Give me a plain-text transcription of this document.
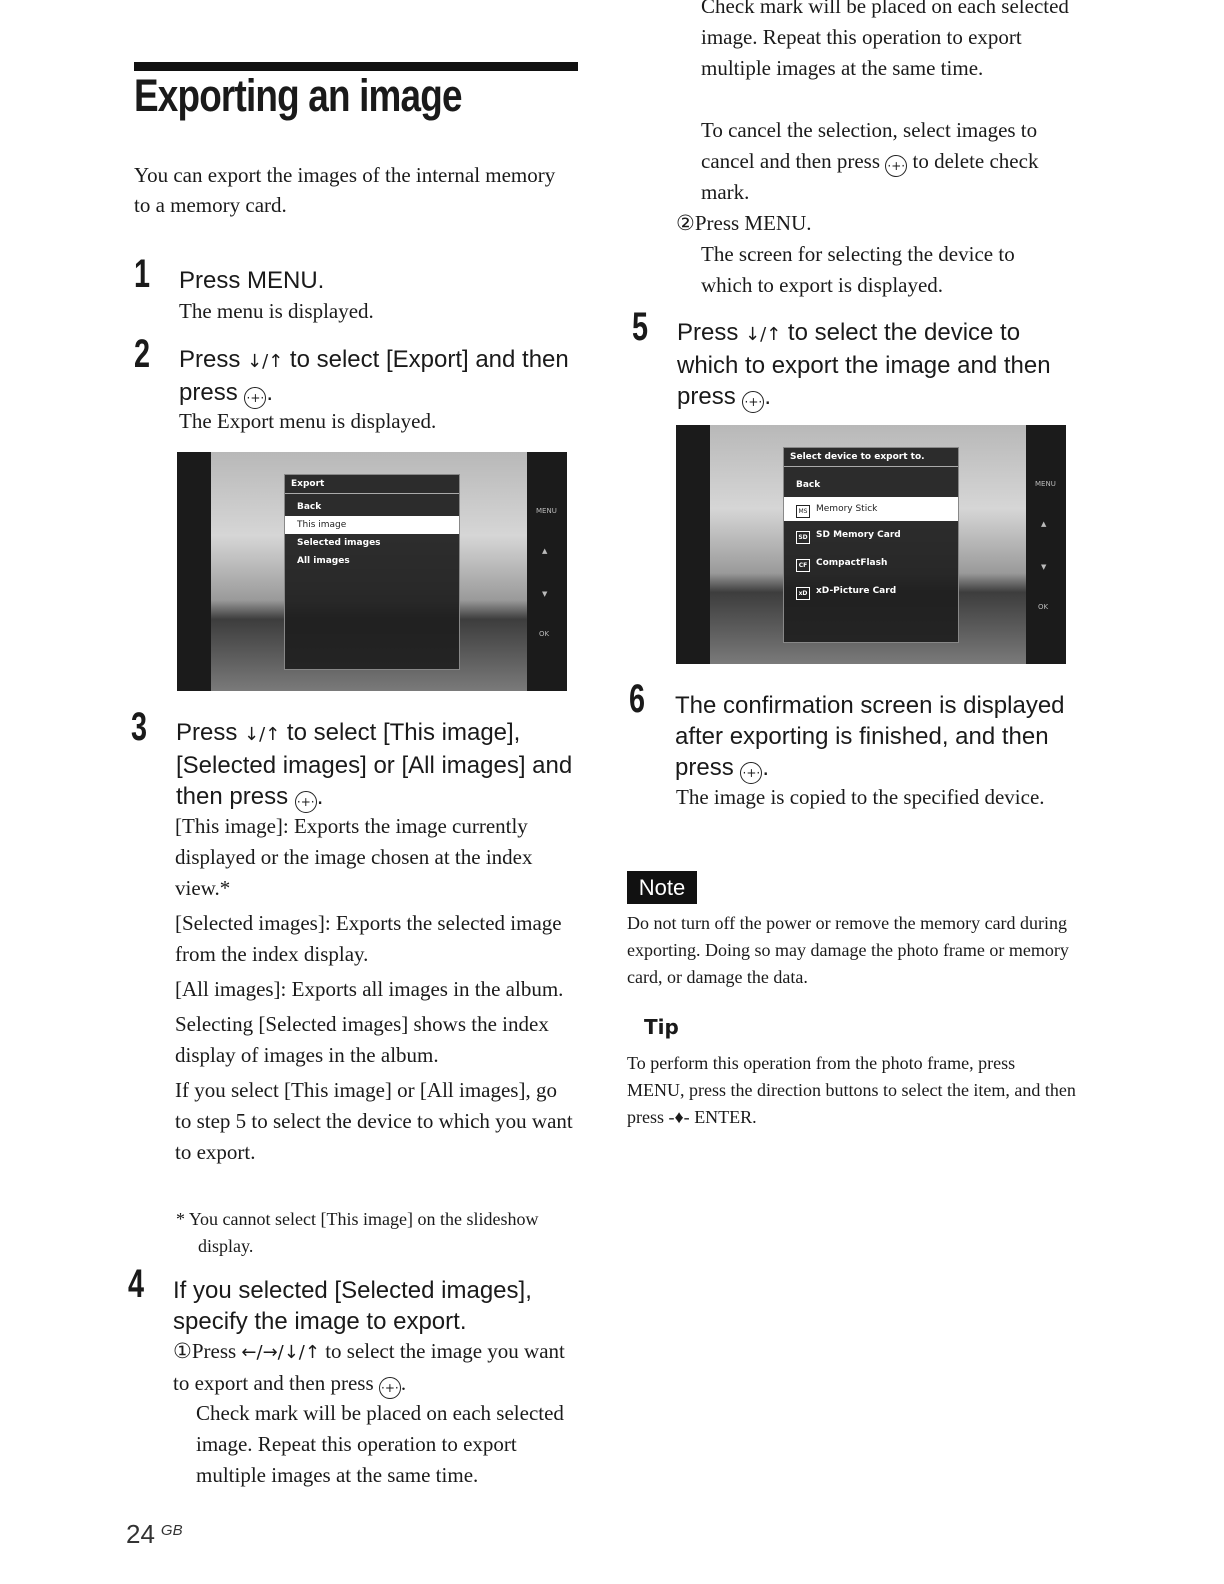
Exporting an image
You can export the images of the internal memory to a memory card.
1 Press MENU.
The menu is displayed.
2 Press ↓/↑ to select [Export] and then press ·+·.
The Export menu is displayed.
Export
Back
This image
Selected images
All images
MENU
▲
▼
OK
3 Press ↓/↑ to select [This image], [Selected images] or [All images] and then press ·+·.

[This image]: Exports the image currently displayed or the image chosen at the index view.*

[Selected images]: Exports the selected image from the index display.

[All images]: Exports all images in the album.

Selecting [Selected images] shows the index display of images in the album.

If you select [This image] or [All images], go to step 5 to select the device to which you want to export.

* You cannot select [This image] on the slideshow display.
4 If you selected [Selected images], specify the image to export.
①Press ←/→/↓/↑ to select the image you want to export and then press ·+· .
Check mark will be placed on each selected image. Repeat this operation to export multiple images at the same time.
Check mark will be placed on each selected image. Repeat this operation to export multiple images at the same time.
To cancel the selection, select images to cancel and then press ·+· to delete check mark.
②Press MENU.
The screen for selecting the device to which to export is displayed.
5 Press ↓/↑ to select the device to which to export the image and then press ·+·.
Select device to export to.
Back
MS Memory Stick
SD SD Memory Card
CF CompactFlash
xD xD-Picture Card
MENU
▲
▼
OK
6 The confirmation screen is displayed after exporting is finished, and then press ·+·.
The image is copied to the specified device.
Note
Do not turn off the power or remove the memory card during exporting. Doing so may damage the photo frame or memory card, or damage the data.
Tip
To perform this operation from the photo frame, press MENU, press the direction buttons to select the item, and then press -♦- ENTER.
24 $^{GB}$
